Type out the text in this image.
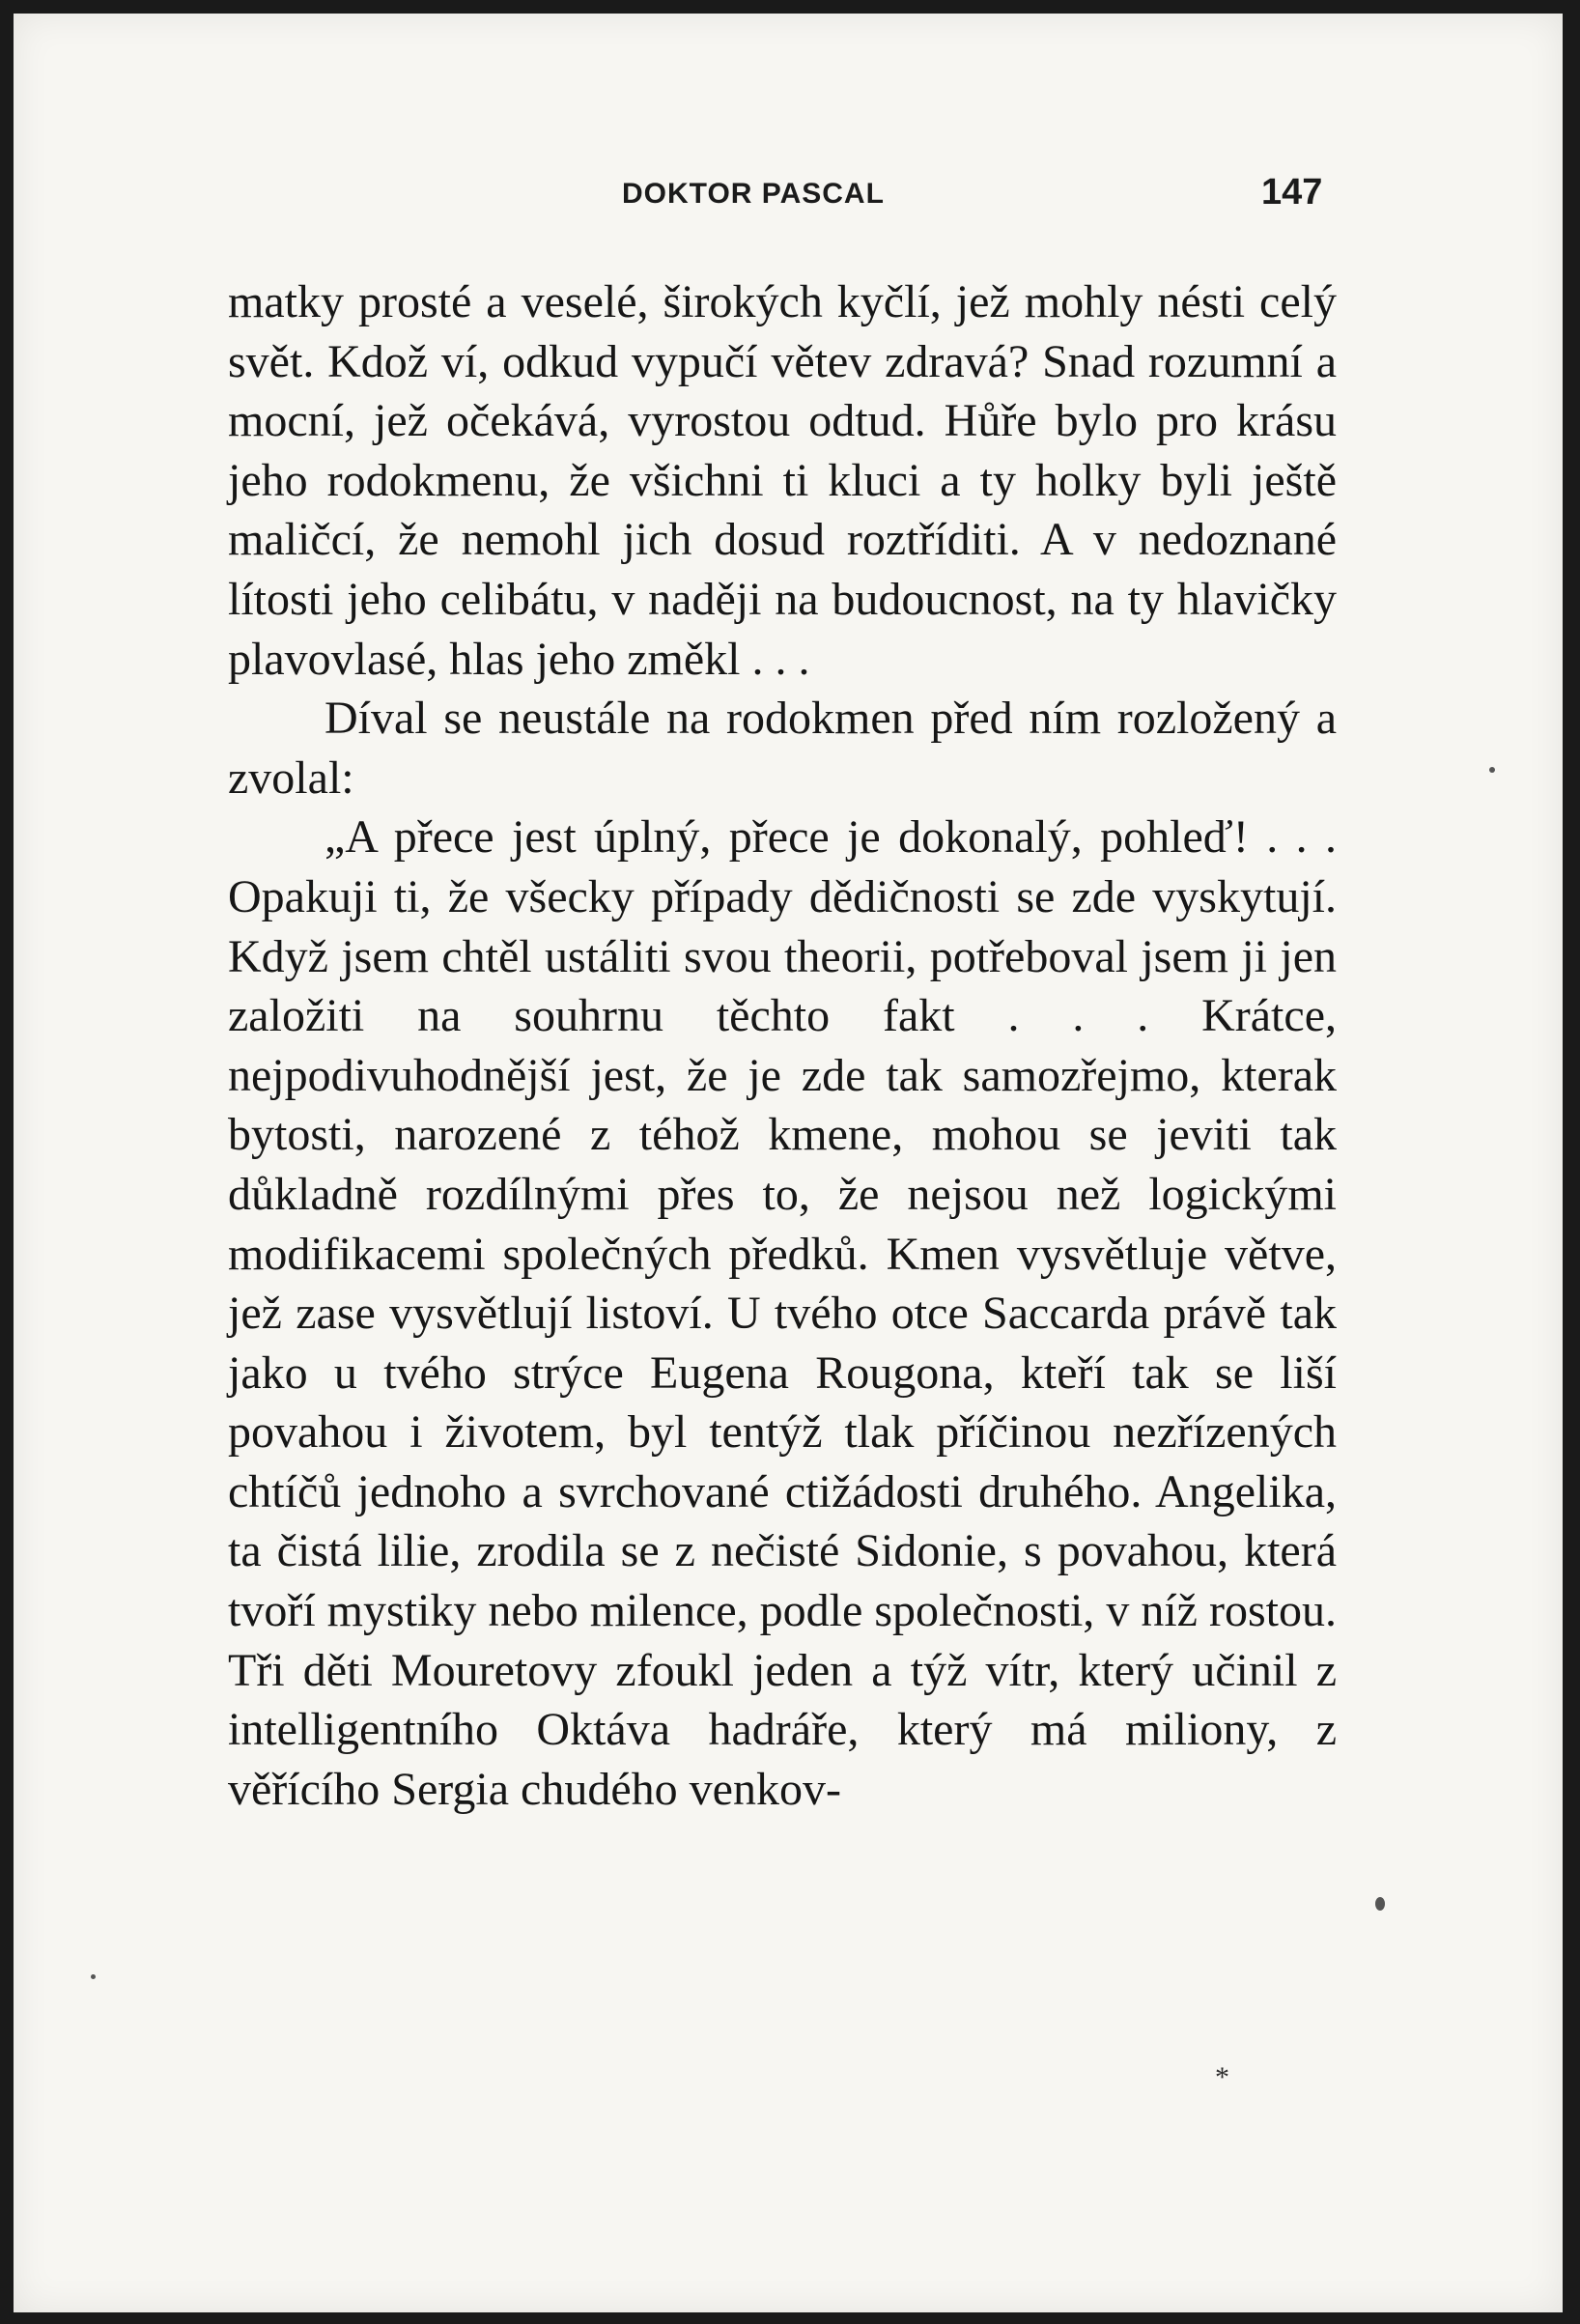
DOKTOR PASCAL	147

matky prosté a veselé, širokých kyčlí, jež mohly nésti celý svět. Kdož ví, odkud vypučí větev zdravá? Snad rozumní a mocní, jež očekává, vyrostou odtud. Hůře bylo pro krásu jeho rodokmenu, že všichni ti kluci a ty holky byli ještě maličcí, že nemohl jich dosud roztříditi. A v nedoznané lítosti jeho celibátu, v naději na budoucnost, na ty hlavičky plavovlasé, hlas jeho změkl . . .

Díval se neustále na rodokmen před ním rozložený a zvolal:

„A přece jest úplný, přece je dokonalý, pohleď! . . . Opakuji ti, že všecky případy dědičnosti se zde vyskytují. Když jsem chtěl ustáliti svou theorii, potřeboval jsem ji jen založiti na souhrnu těchto fakt . . . Krátce, nejpodivuhodnější jest, že je zde tak samozřejmo, kterak bytosti, narozené z téhož kmene, mohou se jeviti tak důkladně rozdílnými přes to, že nejsou než logickými modifikacemi společných předků. Kmen vysvětluje větve, jež zase vysvětlují listoví. U tvého otce Saccarda právě tak jako u tvého strýce Eugena Rougona, kteří tak se liší povahou i životem, byl tentýž tlak příčinou nezřízených chtíčů jednoho a svrchované ctižádosti druhého. Angelika, ta čistá lilie, zrodila se z nečisté Sidonie, s povahou, která tvoří mystiky nebo milence, podle společnosti, v níž rostou. Tři děti Mouretovy zfoukl jeden a týž vítr, který učinil z intelligentního Oktáva hadráře, který má miliony, z věřícího Sergia chudého venkov-

*
